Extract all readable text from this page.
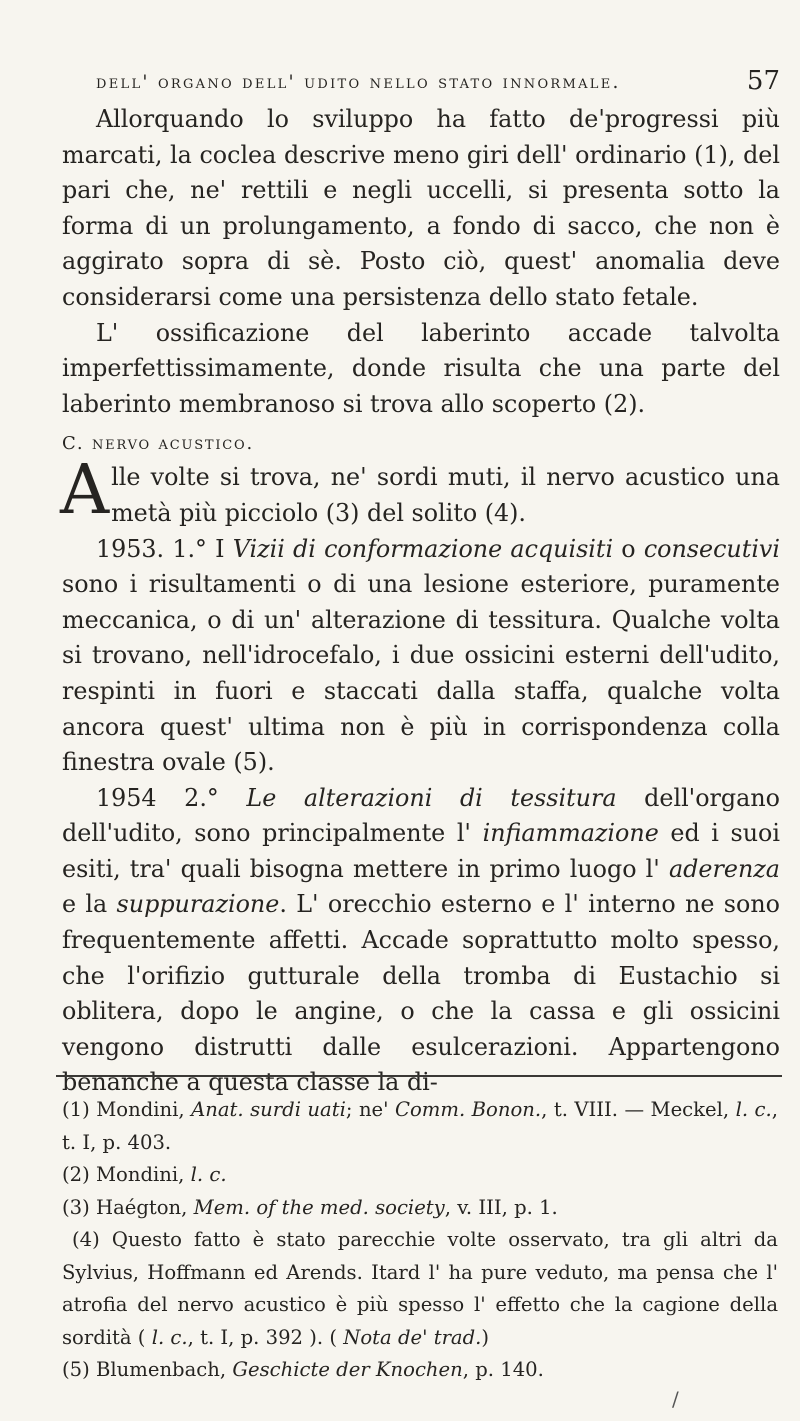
dell' organo dell' udito nello stato innormale.	57

Allorquando lo sviluppo ha fatto de'progressi più marcati, la coclea descrive meno giri dell' ordinario (1), del pari che, ne' rettili e negli uccelli, si presenta sotto la forma di un prolungamento, a fondo di sacco, che non è aggirato sopra di sè. Posto ciò, quest' anomalia deve considerarsi come una persistenza dello stato fetale.

L' ossificazione del laberinto accade talvolta imperfettissimamente, donde risulta che una parte del laberinto membranoso si trova allo scoperto (2).

C. nervo acustico.

Alle volte si trova, ne' sordi muti, il nervo acustico una metà più picciolo (3) del solito (4).

1953. 1.° I Vizii di conformazione acquisiti o consecutivi sono i risultamenti o di una lesione esteriore, puramente meccanica, o di un' alterazione di tessitura. Qualche volta si trovano, nell'idrocefalo, i due ossicini esterni dell'udito, respinti in fuori e staccati dalla staffa, qualche volta ancora quest' ultima non è più in corrispondenza colla finestra ovale (5).

1954 2.° Le alterazioni di tessitura dell'organo dell'udito, sono principalmente l' infiammazione ed i suoi esiti, tra' quali bisogna mettere in primo luogo l' aderenza e la suppurazione. L' orecchio esterno e l' interno ne sono frequentemente affetti. Accade soprattutto molto spesso, che l'orifizio gutturale della tromba di Eustachio si oblitera, dopo le angine, o che la cassa e gli ossicini vengono distrutti dalle esulcerazioni. Appartengono benanche a questa classe la di-

(1) Mondini, Anat. surdi uati; ne' Comm. Bonon., t. VIII. — Meckel, l. c., t. I, p. 403.

(2) Mondini, l. c.

(3) Haégton, Mem. of the med. society, v. III, p. 1.

(4) Questo fatto è stato parecchie volte osservato, tra gli altri da Sylvius, Hoffmann ed Arends. Itard l' ha pure veduto, ma pensa che l' atrofia del nervo acustico è più spesso l' effetto che la cagione della sordità ( l. c., t. I, p. 392 ). ( Nota de' trad.)

(5) Blumenbach, Geschicte der Knochen, p. 140.

/
